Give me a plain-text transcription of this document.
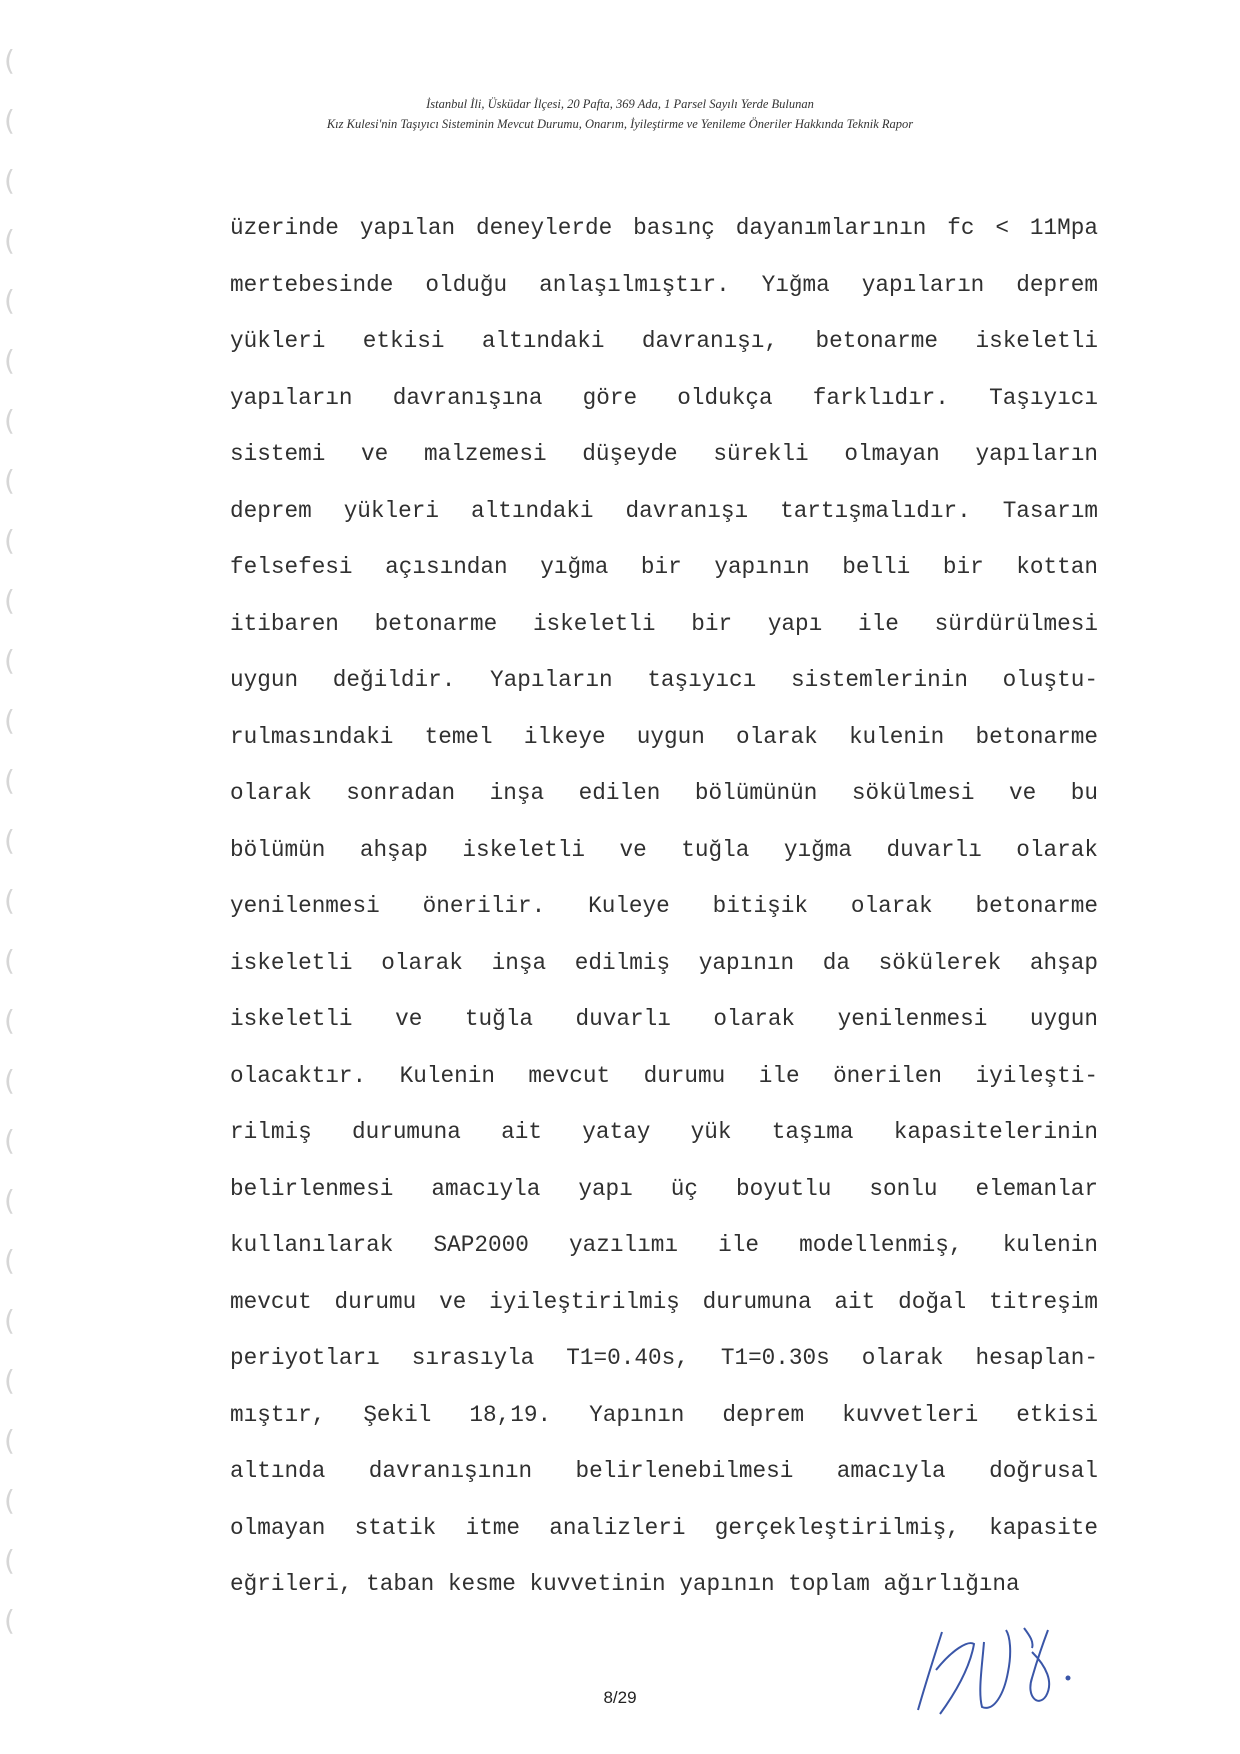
(
(
(
(
(
(
(
(
(
(
(
(
(
(
(
(
(
(
(
(
(
(
(
(
(
(
(
İstanbul İli, Üsküdar İlçesi, 20 Pafta, 369 Ada, 1 Parsel Sayılı Yerde Bulunan
Kız Kulesi'nin Taşıyıcı Sisteminin Mevcut Durumu, Onarım, İyileştirme ve Yenileme Öneriler Hakkında Teknik Rapor
üzerinde yapılan deneylerde basınç dayanımlarının fc < 11Mpa
mertebesinde olduğu anlaşılmıştır. Yığma yapıların deprem
yükleri etkisi altındaki davranışı, betonarme iskeletli
yapıların davranışına göre oldukça farklıdır. Taşıyıcı
sistemi ve malzemesi düşeyde sürekli olmayan yapıların
deprem yükleri altındaki davranışı tartışmalıdır. Tasarım
felsefesi açısından yığma bir yapının belli bir kottan
itibaren betonarme iskeletli bir yapı ile sürdürülmesi
uygun değildir. Yapıların taşıyıcı sistemlerinin oluştu-
rulmasındaki temel ilkeye uygun olarak kulenin betonarme
olarak sonradan inşa edilen bölümünün sökülmesi ve bu
bölümün ahşap iskeletli ve tuğla yığma duvarlı olarak
yenilenmesi önerilir. Kuleye bitişik olarak betonarme
iskeletli olarak inşa edilmiş yapının da sökülerek ahşap
iskeletli ve tuğla duvarlı olarak yenilenmesi uygun
olacaktır. Kulenin mevcut durumu ile önerilen iyileşti-
rilmiş durumuna ait yatay yük taşıma kapasitelerinin
belirlenmesi amacıyla yapı üç boyutlu sonlu elemanlar
kullanılarak SAP2000 yazılımı ile modellenmiş, kulenin
mevcut durumu ve iyileştirilmiş durumuna ait doğal titreşim
periyotları sırasıyla T1=0.40s, T1=0.30s olarak hesaplan-
mıştır, Şekil 18,19. Yapının deprem kuvvetleri etkisi
altında davranışının belirlenebilmesi amacıyla doğrusal
olmayan statik itme analizleri gerçekleştirilmiş, kapasite
eğrileri, taban kesme kuvvetinin yapının toplam ağırlığına
8/29
